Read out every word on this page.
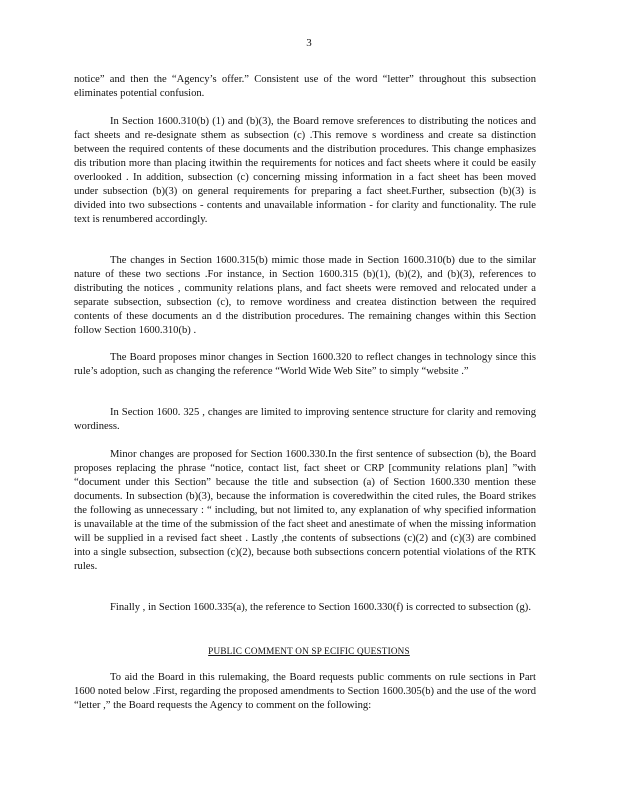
3

notice” and then the “Agency’s offer.” Consistent use of the word “letter” throughout this subsection eliminates potential confusion.

In Section 1600.310(b) (1) and (b)(3), the Board remove sreferences to distributing the notices and fact sheets and re-designate sthem as subsection (c) .This remove s wordiness and create sa distinction between the required contents of these documents and the distribution procedures. This change emphasizes dis tribution more than placing itwithin the requirements for notices and fact sheets where it could be easily overlooked . In addition, subsection (c) concerning missing information in a fact sheet has been moved under subsection (b)(3) on general requirements for preparing a fact sheet.Further, subsection (b)(3) is divided into two subsections - contents and unavailable information - for clarity and functionality. The rule text is renumbered accordingly.

The changes in Section 1600.315(b) mimic those made in Section 1600.310(b) due to the similar nature of these two sections .For instance, in Section 1600.315 (b)(1), (b)(2), and (b)(3), references to distributing the notices , community relations plans, and fact sheets were removed and relocated under a separate subsection, subsection (c), to remove wordiness and createa distinction between the required contents of these documents an d the distribution procedures. The remaining changes within this Section follow Section 1600.310(b) .

The Board proposes minor changes in Section 1600.320 to reflect changes in technology since this rule’s adoption, such as changing the reference “World Wide Web Site” to simply “website .”

In Section 1600. 325 , changes are limited to improving sentence structure for clarity and removing wordiness.

Minor changes are proposed for Section 1600.330.In the first sentence of subsection (b), the Board proposes replacing the phrase “notice, contact list, fact sheet or CRP [community relations plan] ”with “document under this Section” because the title and subsection (a) of Section 1600.330 mention these documents. In subsection (b)(3), because the information is coveredwithin the cited rules, the Board strikes the following as unnecessary : “ including, but not limited to, any explanation of why specified information is unavailable at the time of the submission of the fact sheet and anestimate of when the missing information will be supplied in a revised fact sheet . Lastly ,the contents of subsections (c)(2) and (c)(3) are combined into a single subsection, subsection (c)(2), because both subsections concern potential violations of the RTK rules.

Finally , in Section 1600.335(a), the reference to Section 1600.330(f) is corrected to subsection (g).

PUBLIC COMMENT ON SP ECIFIC QUESTIONS

To aid the Board in this rulemaking, the Board requests public comments on rule sections in Part 1600 noted below .First, regarding the proposed amendments to Section 1600.305(b) and the use of the word “letter ,” the Board requests the Agency to comment on the following:
